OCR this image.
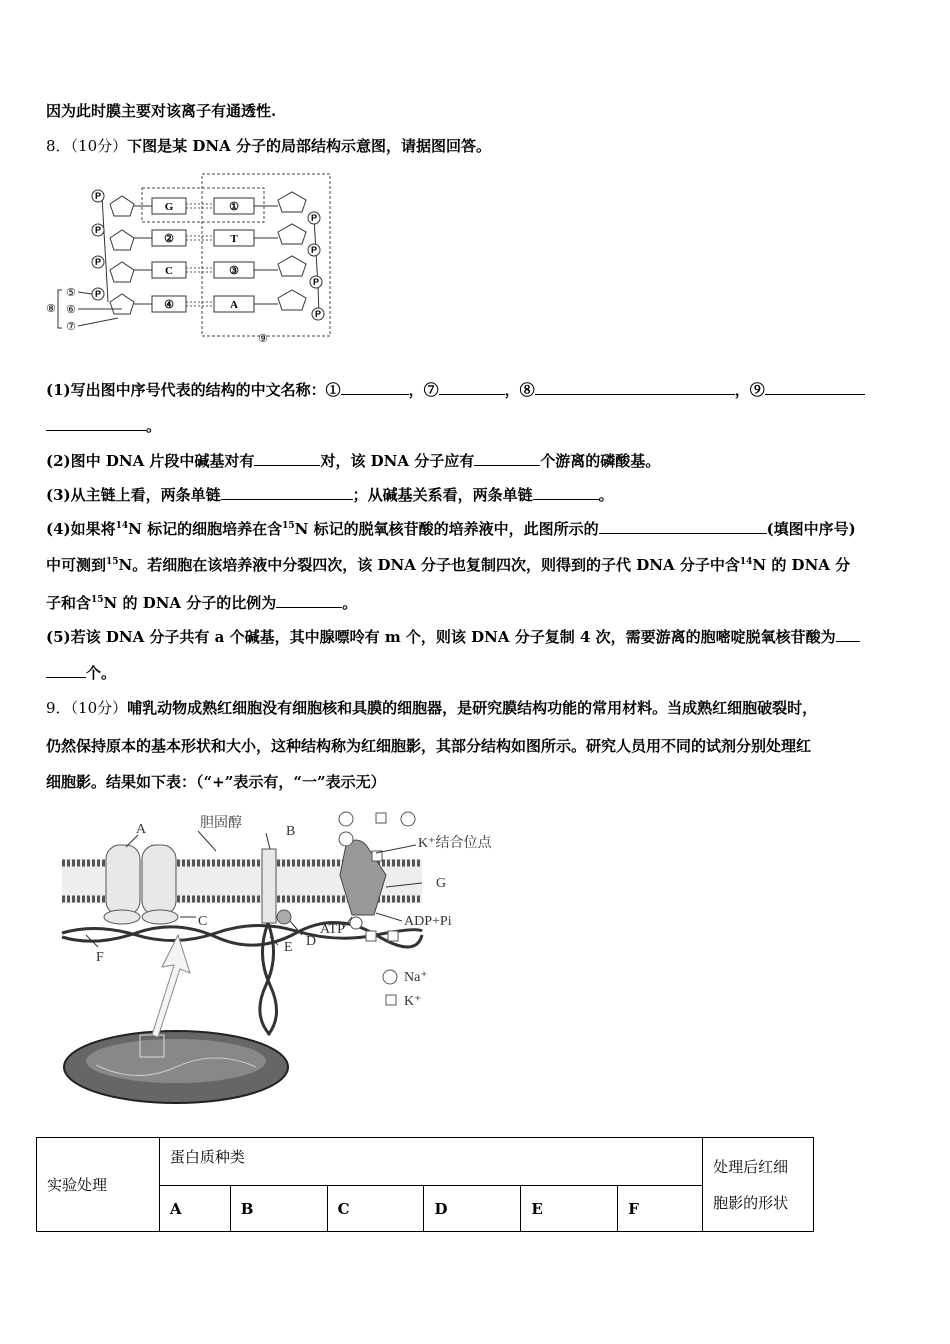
因为此时膜主要对该离子有通透性.
8．（10分）下图是某 DNA 分子的局部结构示意图，请据图回答。
P
P
P
P
P
P
P
P
G
②
C
④
①
T
③
A
⑤
⑥
⑦
⑧
⑨
(1)写出图中序号代表的结构的中文名称：①	，⑦	，⑧	，⑨
。
(2)图中 DNA 片段中碱基对有	对，该 DNA 分子应有	个游离的磷酸基。
(3)从主链上看，两条单链	；从碱基关系看，两条单链	。
(4)如果将$^{14}$N 标记的细胞培养在含$^{15}$N 标记的脱氧核苷酸的培养液中，此图所示的	(填图中序号)
中可测到$^{15}$N。若细胞在该培养液中分裂四次，该 DNA 分子也复制四次，则得到的子代 DNA 分子中含$^{14}$N 的 DNA 分
子和含$^{15}$N 的 DNA 分子的比例为	。
(5)若该 DNA 分子共有 a 个碱基，其中腺嘌呤有 m 个，则该 DNA 分子复制 4 次，需要游离的胞嘧啶脱氧核苷酸为
个。
9．（10分）哺乳动物成熟红细胞没有细胞核和具膜的细胞器，是研究膜结构功能的常用材料。当成熟红细胞破裂时，
仍然保持原本的基本形状和大小，这种结构称为红细胞影，其部分结构如图所示。研究人员用不同的试剂分别处理红
细胞影。结果如下表：（“+”表示有，“一”表示无）
A	B
C
D
E
F
G
胆固醇
K⁺结合位点
ATP
ADP+Pi
Na⁺
K⁺
实验处理	蛋白质种类						处理后红细
胞影的形状
	A	B	C	D	E	F	
